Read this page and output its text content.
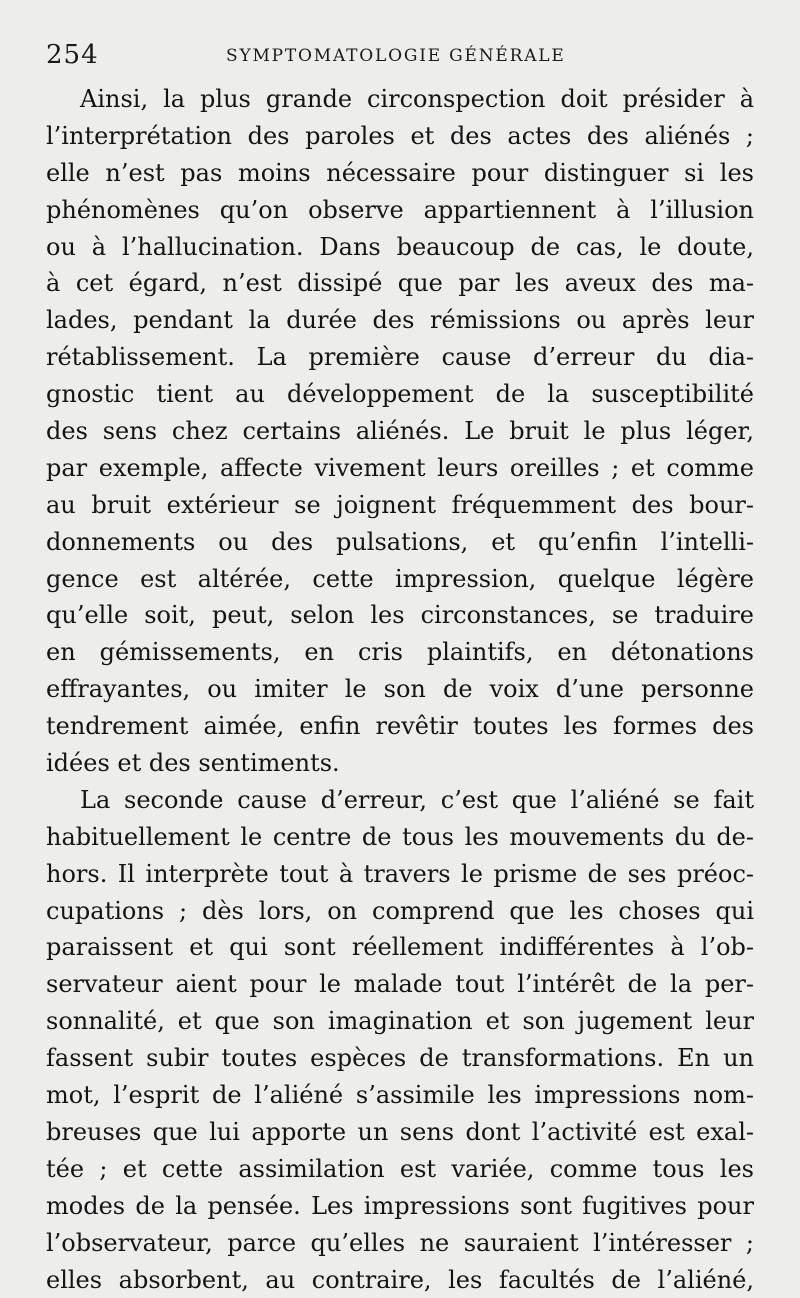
254	SYMPTOMATOLOGIE GÉNÉRALE
Ainsi, la plus grande circonspection doit présider à
l’interprétation des paroles et des actes des aliénés ;
elle n’est pas moins nécessaire pour distinguer si les
phénomènes qu’on observe appartiennent à l’illusion
ou à l’hallucination. Dans beaucoup de cas, le doute,
à cet égard, n’est dissipé que par les aveux des ma-
lades, pendant la durée des rémissions ou après leur
rétablissement. La première cause d’erreur du dia-
gnostic tient au développement de la susceptibilité
des sens chez certains aliénés. Le bruit le plus léger,
par exemple, affecte vivement leurs oreilles ; et comme
au bruit extérieur se joignent fréquemment des bour-
donnements ou des pulsations, et qu’enfin l’intelli-
gence est altérée, cette impression, quelque légère
qu’elle soit, peut, selon les circonstances, se traduire
en gémissements, en cris plaintifs, en détonations
effrayantes, ou imiter le son de voix d’une personne
tendrement aimée, enfin revêtir toutes les formes des
idées et des sentiments.
La seconde cause d’erreur, c’est que l’aliéné se fait
habituellement le centre de tous les mouvements du de-
hors. Il interprète tout à travers le prisme de ses préoc-
cupations ; dès lors, on comprend que les choses qui
paraissent et qui sont réellement indifférentes à l’ob-
servateur aient pour le malade tout l’intérêt de la per-
sonnalité, et que son imagination et son jugement leur
fassent subir toutes espèces de transformations. En un
mot, l’esprit de l’aliéné s’assimile les impressions nom-
breuses que lui apporte un sens dont l’activité est exal-
tée ; et cette assimilation est variée, comme tous les
modes de la pensée. Les impressions sont fugitives pour
l’observateur, parce qu’elles ne sauraient l’intéresser ;
elles absorbent, au contraire, les facultés de l’aliéné,
